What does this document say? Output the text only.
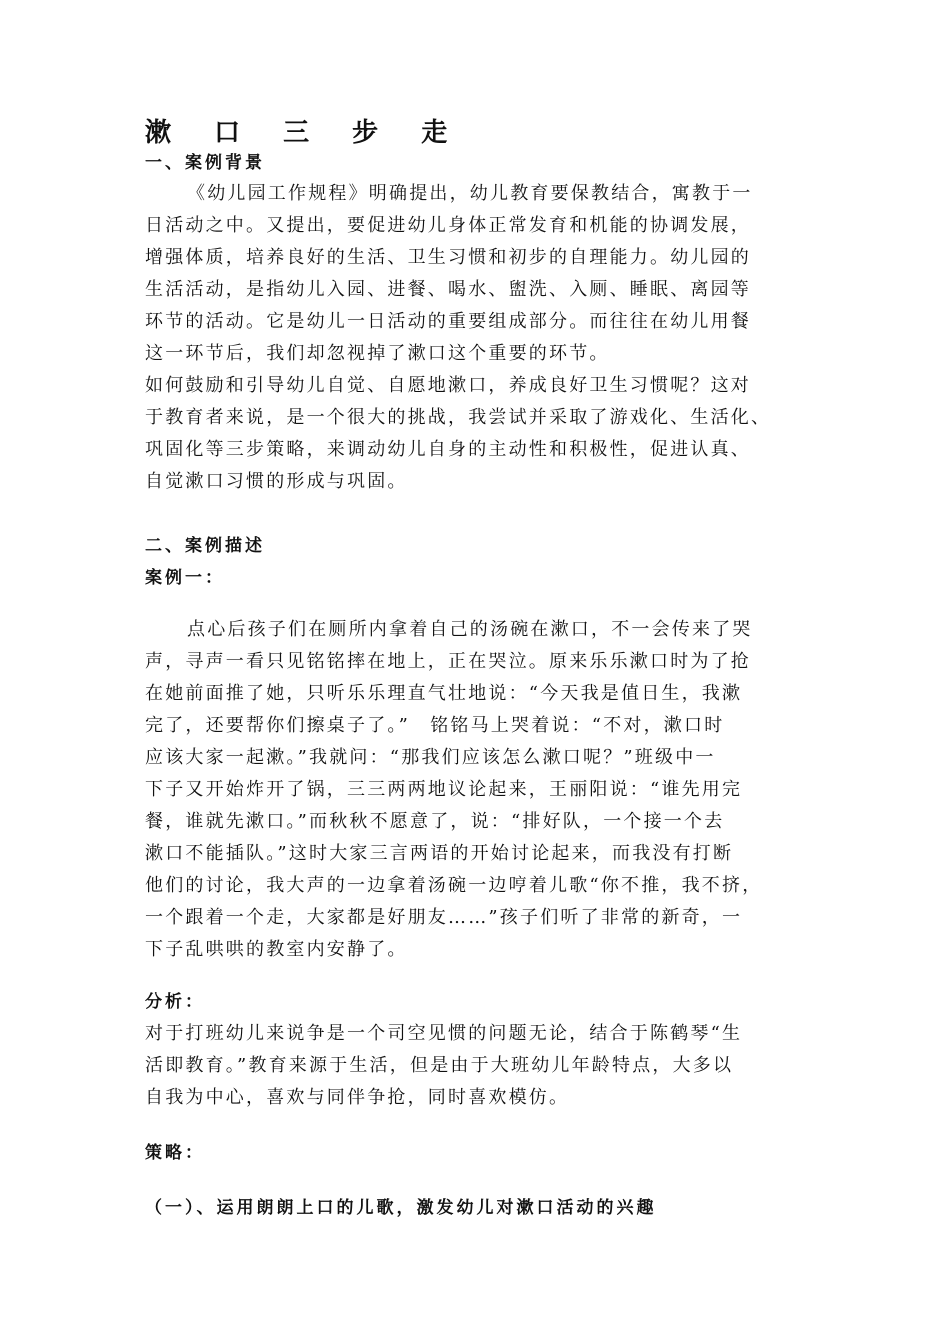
漱 口 三 步 走
一、案例背景
《幼儿园工作规程》明确提出，幼儿教育要保教结合，寓教于一
日活动之中。又提出，要促进幼儿身体正常发育和机能的协调发展，
增强体质，培养良好的生活、卫生习惯和初步的自理能力。幼儿园的
生活活动，是指幼儿入园、进餐、喝水、盥洗、入厕、睡眠、离园等
环节的活动。它是幼儿一日活动的重要组成部分。而往往在幼儿用餐
这一环节后，我们却忽视掉了漱口这个重要的环节。
如何鼓励和引导幼儿自觉、自愿地漱口，养成良好卫生习惯呢？这对
于教育者来说，是一个很大的挑战，我尝试并采取了游戏化、生活化、
巩固化等三步策略，来调动幼儿自身的主动性和积极性，促进认真、
自觉漱口习惯的形成与巩固。
二、案例描述
案例一：
点心后孩子们在厕所内拿着自己的汤碗在漱口，不一会传来了哭
声，寻声一看只见铭铭摔在地上，正在哭泣。原来乐乐漱口时为了抢
在她前面推了她，只听乐乐理直气壮地说：“今天我是值日生，我漱
完了，还要帮你们擦桌子了。”　铭铭马上哭着说：“不对，漱口时
应该大家一起漱。”我就问：“那我们应该怎么漱口呢？”班级中一
下子又开始炸开了锅，三三两两地议论起来，王丽阳说：“谁先用完
餐，谁就先漱口。”而秋秋不愿意了，说：“排好队，一个接一个去
漱口不能插队。”这时大家三言两语的开始讨论起来，而我没有打断
他们的讨论，我大声的一边拿着汤碗一边哼着儿歌“你不推，我不挤，
一个跟着一个走，大家都是好朋友……”孩子们听了非常的新奇，一
下子乱哄哄的教室内安静了。
分析：
对于打班幼儿来说争是一个司空见惯的问题无论，结合于陈鹤琴“生
活即教育。”教育来源于生活，但是由于大班幼儿年龄特点，大多以
自我为中心，喜欢与同伴争抢，同时喜欢模仿。
策略：
（一）、运用朗朗上口的儿歌，激发幼儿对漱口活动的兴趣
